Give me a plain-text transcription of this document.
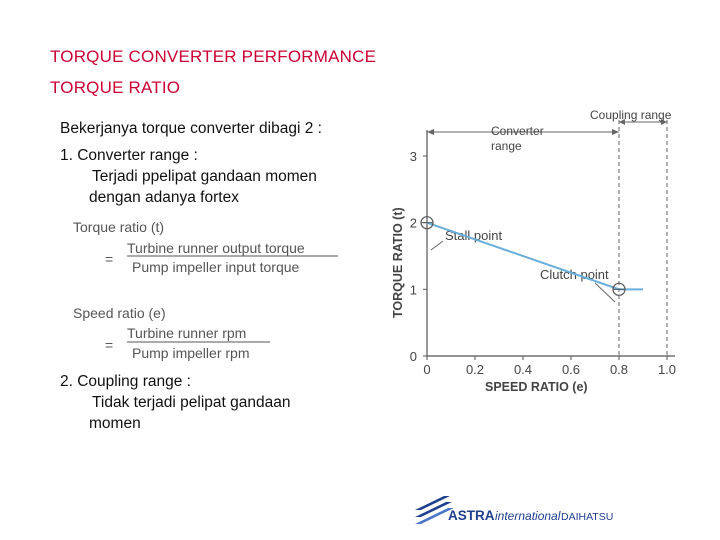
TORQUE CONVERTER PERFORMANCE
TORQUE RATIO
Bekerjanya torque converter dibagi 2 :
1. Converter range :
Terjadi ppelipat gandaan momen
dengan adanya fortex
Torque ratio (t)
=
Turbine runner output torque
Pump impeller input torque
Speed ratio (e)
=
Turbine runner rpm
Pump impeller rpm
2. Coupling range :
Tidak terjadi pelipat gandaan
momen
Coupling range
Converter
range
SPEED RATIO (e)
TORQUE RATIO (t)	Stall point
Clutch point
0	0.2 0.4 0.6 0.8 1.0
0
1
2
3
ASTRA international DAIHATSU
